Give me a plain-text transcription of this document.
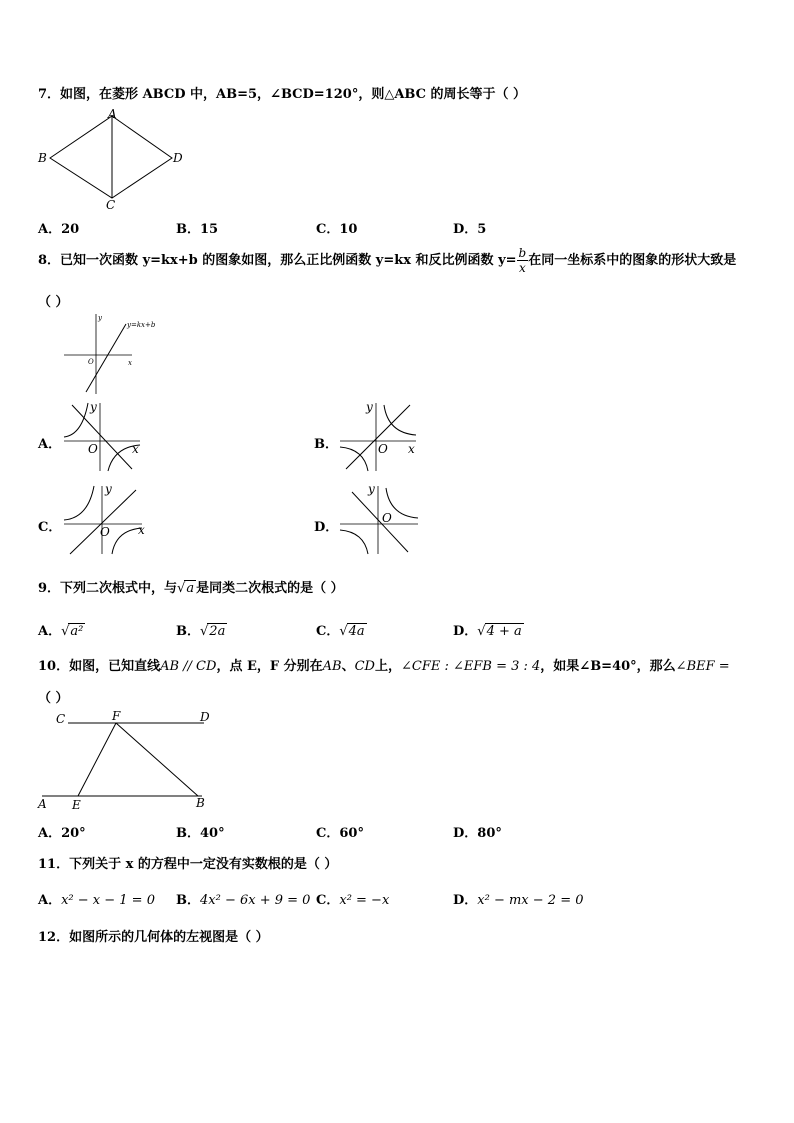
7．如图，在菱形 ABCD 中，AB=5，∠BCD=120°，则△ABC 的周长等于（ ）
A
B
C
D
A．20	B．15	C．10	D．5
8．已知一次函数 y=kx+b 的图象如图，那么正比例函数 y=kx 和反比例函数 $y= \frac{b}{x}$ 在同一坐标系中的图象的形状大致是
（ ）
y
x
O
y=kx+b
A．
y
x
O	B．
y
x
O
C．
y
x
O	D．
y
O
9．下列二次根式中，与√a 是同类二次根式的是（ ）
A．√a²	B．√2a	C．√4a	D．√4 + a
10．如图，已知直线AB // CD，点 E，F 分别在AB、CD上，∠CFE : ∠EFB = 3 : 4，如果∠B=40°，那么∠BEF =
（ ）
C	F	D
A E	B
A．20°	B．40°	C．60°	D．80°
11．下列关于 x 的方程中一定没有实数根的是（ ）
A．x² − x − 1 = 0 B．4x² − 6x + 9 = 0 C．x² = −x	D．x² − mx − 2 = 0
12．如图所示的几何体的左视图是（ ）
